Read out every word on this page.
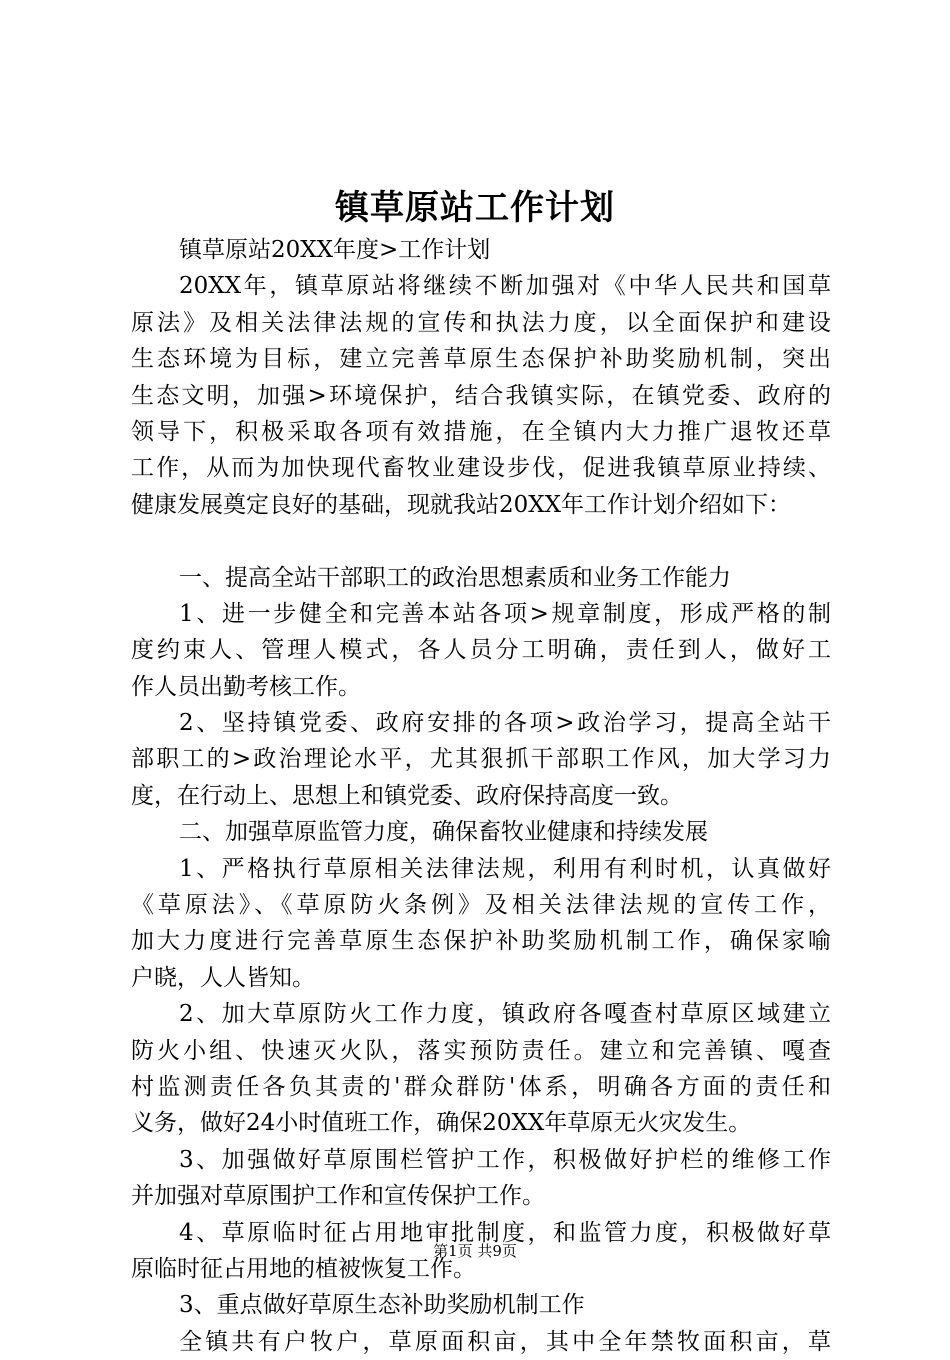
镇草原站工作计划
镇草原站20XX年度>工作计划
20XX年，镇草原站将继续不断加强对《中华人民共和国草
原法》及相关法律法规的宣传和执法力度，以全面保护和建设
生态环境为目标，建立完善草原生态保护补助奖励机制，突出
生态文明，加强>环境保护，结合我镇实际，在镇党委、政府的
领导下，积极采取各项有效措施，在全镇内大力推广退牧还草
工作，从而为加快现代畜牧业建设步伐，促进我镇草原业持续、
健康发展奠定良好的基础，现就我站20XX年工作计划介绍如下：
一、提高全站干部职工的政治思想素质和业务工作能力
1、进一步健全和完善本站各项>规章制度，形成严格的制
度约束人、管理人模式，各人员分工明确，责任到人，做好工
作人员出勤考核工作。
2、坚持镇党委、政府安排的各项>政治学习，提高全站干
部职工的>政治理论水平，尤其狠抓干部职工作风，加大学习力
度，在行动上、思想上和镇党委、政府保持高度一致。
二、加强草原监管力度，确保畜牧业健康和持续发展
1、严格执行草原相关法律法规，利用有利时机，认真做好
《草原法》、《草原防火条例》及相关法律法规的宣传工作，
加大力度进行完善草原生态保护补助奖励机制工作，确保家喻
户晓，人人皆知。
2、加大草原防火工作力度，镇政府各嘎查村草原区域建立
防火小组、快速灭火队，落实预防责任。建立和完善镇、嘎查
村监测责任各负其责的'群众群防'体系，明确各方面的责任和
义务，做好24小时值班工作，确保20XX年草原无火灾发生。
3、加强做好草原围栏管护工作，积极做好护栏的维修工作
并加强对草原围护工作和宣传保护工作。
4、草原临时征占用地审批制度，和监管力度，积极做好草
原临时征占用地的植被恢复工作。
3、重点做好草原生态补助奖励机制工作
全镇共有户牧户，草原面积亩，其中全年禁牧面积亩，草
第1页 共9页
